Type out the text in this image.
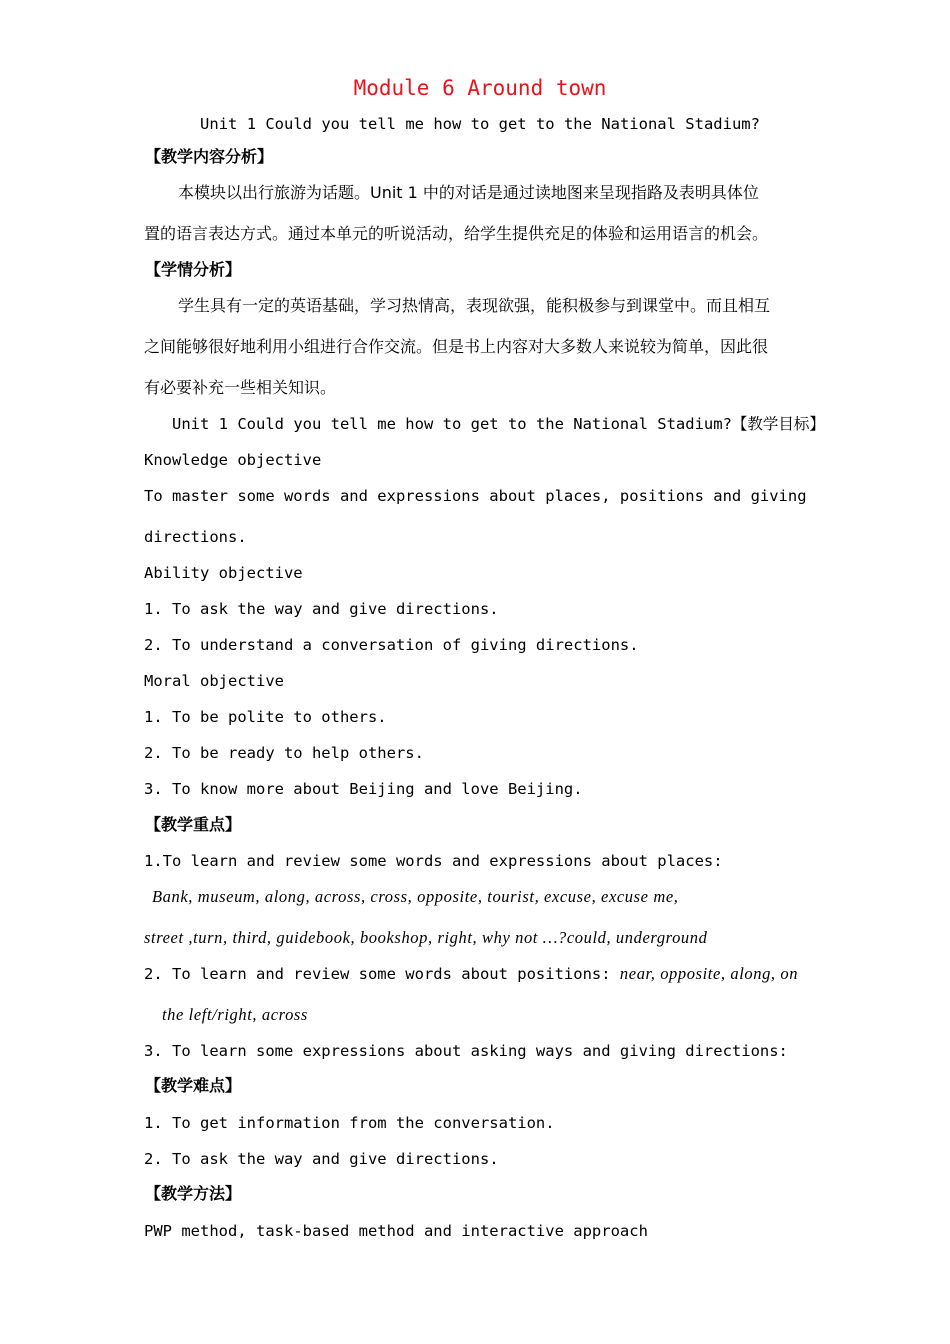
Module 6 Around town
Unit 1 Could you tell me how to get to the National Stadium?
【教学内容分析】
本模块以出行旅游为话题。Unit 1 中的对话是通过读地图来呈现指路及表明具体位
置的语言表达方式。通过本单元的听说活动，给学生提供充足的体验和运用语言的机会。
【学情分析】
学生具有一定的英语基础，学习热情高，表现欲强，能积极参与到课堂中。而且相互
之间能够很好地利用小组进行合作交流。但是书上内容对大多数人来说较为简单，因此很
有必要补充一些相关知识。
Unit 1 Could you tell me how to get to the National Stadium?【教学目标】
Knowledge objective
To master some words and expressions about places, positions and giving
directions.
Ability objective
1. To ask the way and give directions.
2. To understand a conversation of giving directions.
Moral objective
1. To be polite to others.
2. To be ready to help others.
3. To know more about Beijing and love Beijing.
【教学重点】
1.To learn and review some words and expressions about places:
Bank, museum, along, across, cross, opposite, tourist, excuse, excuse me,
street ,turn, third, guidebook, bookshop, right, why not …?could, underground
2. To learn and review some words about positions: near, opposite, along, on
the left/right, across
3. To learn some expressions about asking ways and giving directions:
【教学难点】
1. To get information from the conversation.
2. To ask the way and give directions.
【教学方法】
PWP method, task-based method and interactive approach
